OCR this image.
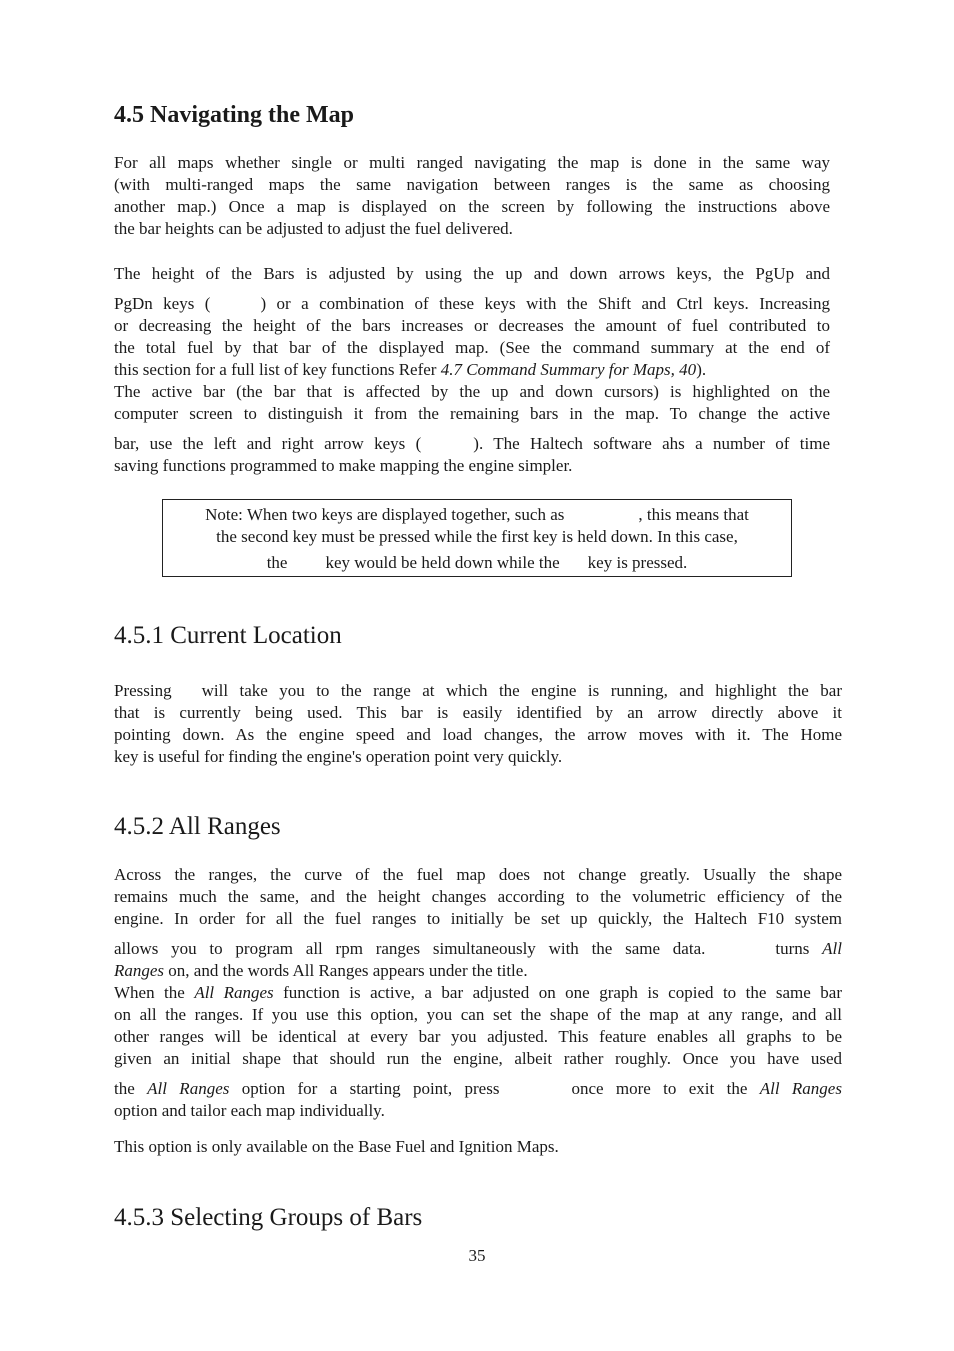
4.5 Navigating the Map
For all maps whether single or multi ranged navigating the map is done in the same way
(with multi-ranged maps the same navigation between ranges is the same as choosing
another map.) Once a map is displayed on the screen by following the instructions above
the bar heights can be adjusted to adjust the fuel delivered.
The height of the Bars is adjusted by using the up and down arrows keys, the PgUp and
PgDn keys (	) or a combination of these keys with the Shift and Ctrl keys. Increasing
or decreasing the height of the bars increases or decreases the amount of fuel contributed to
the total fuel by that bar of the displayed map. (See the command summary at the end of
this section for a full list of key functions Refer 4.7 Command Summary for Maps, 40).
The active bar (the bar that is affected by the up and down cursors) is highlighted on the
computer screen to distinguish it from the remaining bars in the map. To change the active
bar, use the left and right arrow keys (	). The Haltech software ahs a number of time
saving functions programmed to make mapping the engine simpler.
Note: When two keys are displayed together, such as	, this means that
the second key must be pressed while the first key is held down. In this case,
the key would be held down while the key is pressed.
4.5.1 Current Location
Pressing will take you to the range at which the engine is running, and highlight the bar
that is currently being used. This bar is easily identified by an arrow directly above it
pointing down. As the engine speed and load changes, the arrow moves with it. The Home
key is useful for finding the engine's operation point very quickly.
4.5.2 All Ranges
Across the ranges, the curve of the fuel map does not change greatly. Usually the shape
remains much the same, and the height changes according to the volumetric efficiency of the
engine. In order for all the fuel ranges to initially be set up quickly, the Haltech F10 system
allows you to program all rpm ranges simultaneously with the same data.	turns All
Ranges on, and the words All Ranges appears under the title.
When the All Ranges function is active, a bar adjusted on one graph is copied to the same bar
on all the ranges. If you use this option, you can set the shape of the map at any range, and all
other ranges will be identical at every bar you adjusted. This feature enables all graphs to be
given an initial shape that should run the engine, albeit rather roughly. Once you have used
the All Ranges option for a starting point, press	once more to exit the All Ranges
option and tailor each map individually.

This option is only available on the Base Fuel and Ignition Maps.

4.5.3 Selecting Groups of Bars
35
